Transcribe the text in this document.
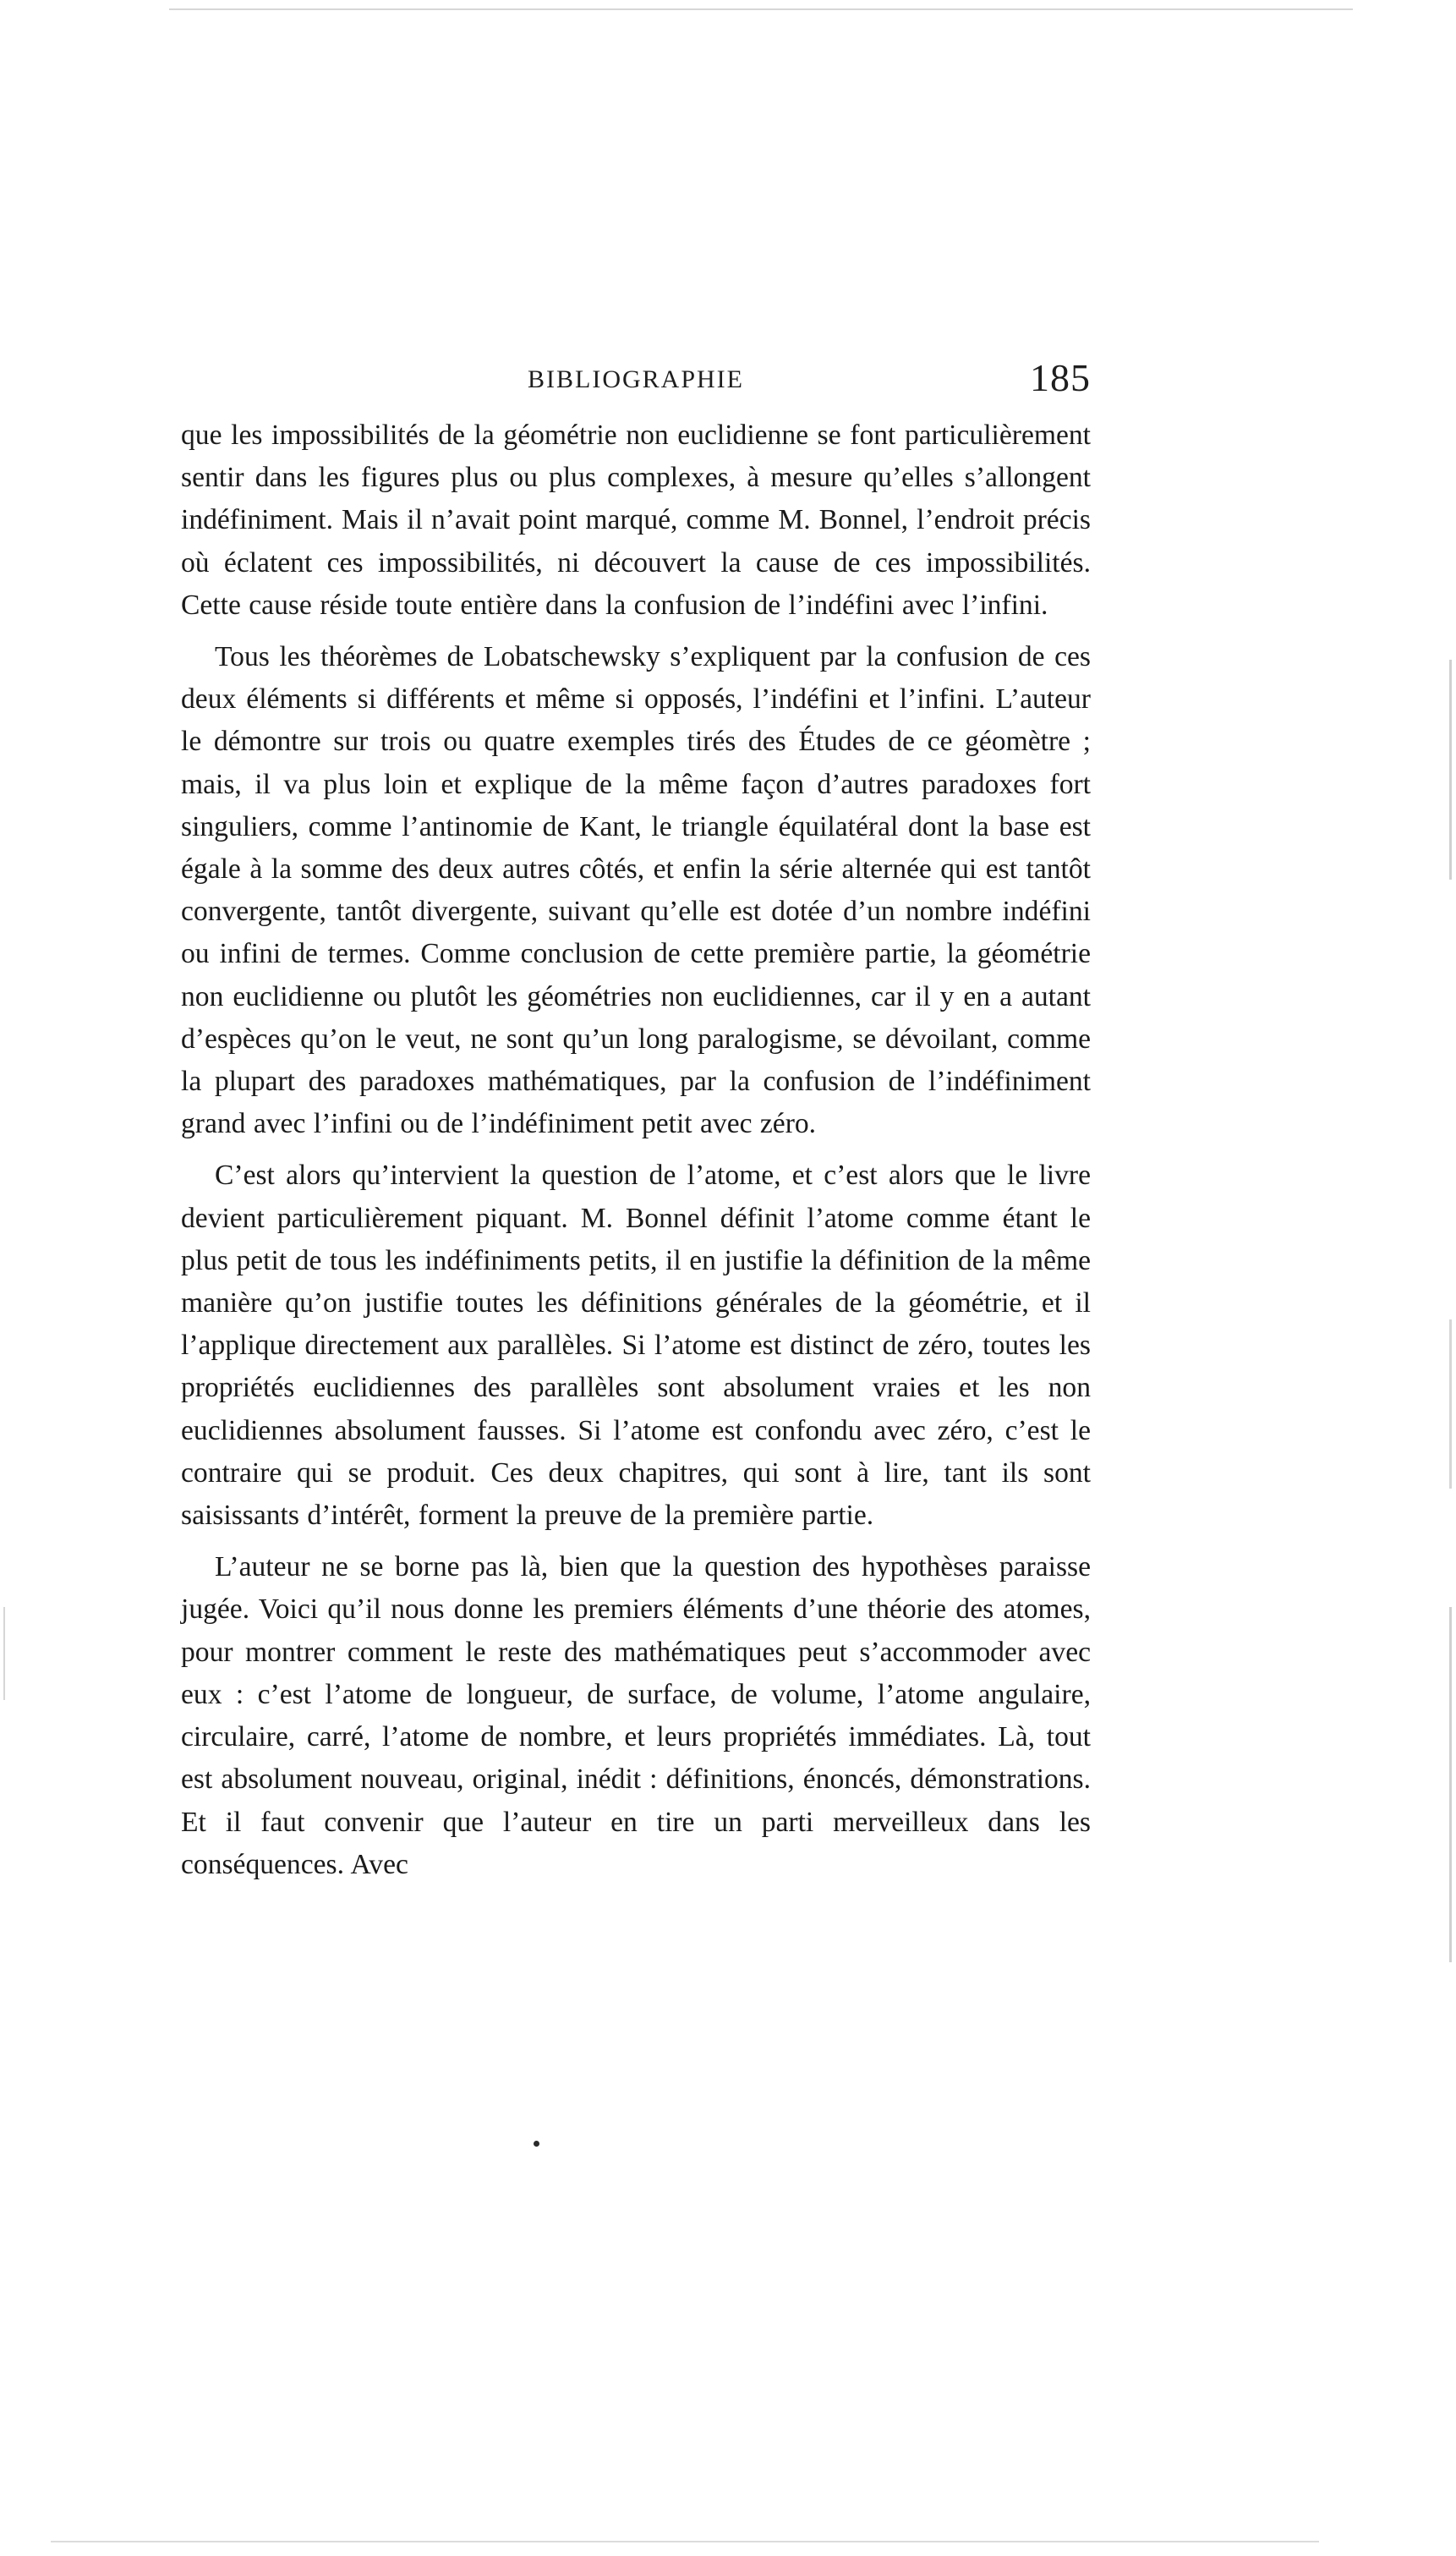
BIBLIOGRAPHIE	185

que les impossibilités de la géométrie non euclidienne se font particulièrement sentir dans les figures plus ou plus complexes, à mesure qu’elles s’allongent indéfiniment. Mais il n’avait point marqué, comme M. Bonnel, l’endroit précis où éclatent ces impossibilités, ni découvert la cause de ces impossibilités. Cette cause réside toute entière dans la confusion de l’indéfini avec l’infini.

Tous les théorèmes de Lobatschewsky s’expliquent par la confusion de ces deux éléments si différents et même si opposés, l’indéfini et l’infini. L’auteur le démontre sur trois ou quatre exemples tirés des Études de ce géomètre ; mais, il va plus loin et explique de la même façon d’autres paradoxes fort singuliers, comme l’antinomie de Kant, le triangle équilatéral dont la base est égale à la somme des deux autres côtés, et enfin la série alternée qui est tantôt convergente, tantôt divergente, suivant qu’elle est dotée d’un nombre indéfini ou infini de termes. Comme conclusion de cette première partie, la géométrie non euclidienne ou plutôt les géométries non euclidiennes, car il y en a autant d’espèces qu’on le veut, ne sont qu’un long paralogisme, se dévoilant, comme la plupart des paradoxes mathématiques, par la confusion de l’indéfiniment grand avec l’infini ou de l’indéfiniment petit avec zéro.

C’est alors qu’intervient la question de l’atome, et c’est alors que le livre devient particulièrement piquant. M. Bonnel définit l’atome comme étant le plus petit de tous les indéfiniments petits, il en justifie la définition de la même manière qu’on justifie toutes les définitions générales de la géométrie, et il l’applique directement aux parallèles. Si l’atome est distinct de zéro, toutes les propriétés euclidiennes des parallèles sont absolument vraies et les non euclidiennes absolument fausses. Si l’atome est confondu avec zéro, c’est le contraire qui se produit. Ces deux chapitres, qui sont à lire, tant ils sont saisissants d’intérêt, forment la preuve de la première partie.

L’auteur ne se borne pas là, bien que la question des hypothèses paraisse jugée. Voici qu’il nous donne les premiers éléments d’une théorie des atomes, pour montrer comment le reste des mathématiques peut s’accommoder avec eux : c’est l’atome de longueur, de surface, de volume, l’atome angulaire, circulaire, carré, l’atome de nombre, et leurs propriétés immédiates. Là, tout est absolument nouveau, original, inédit : définitions, énoncés, démonstrations. Et il faut convenir que l’auteur en tire un parti merveilleux dans les conséquences. Avec
